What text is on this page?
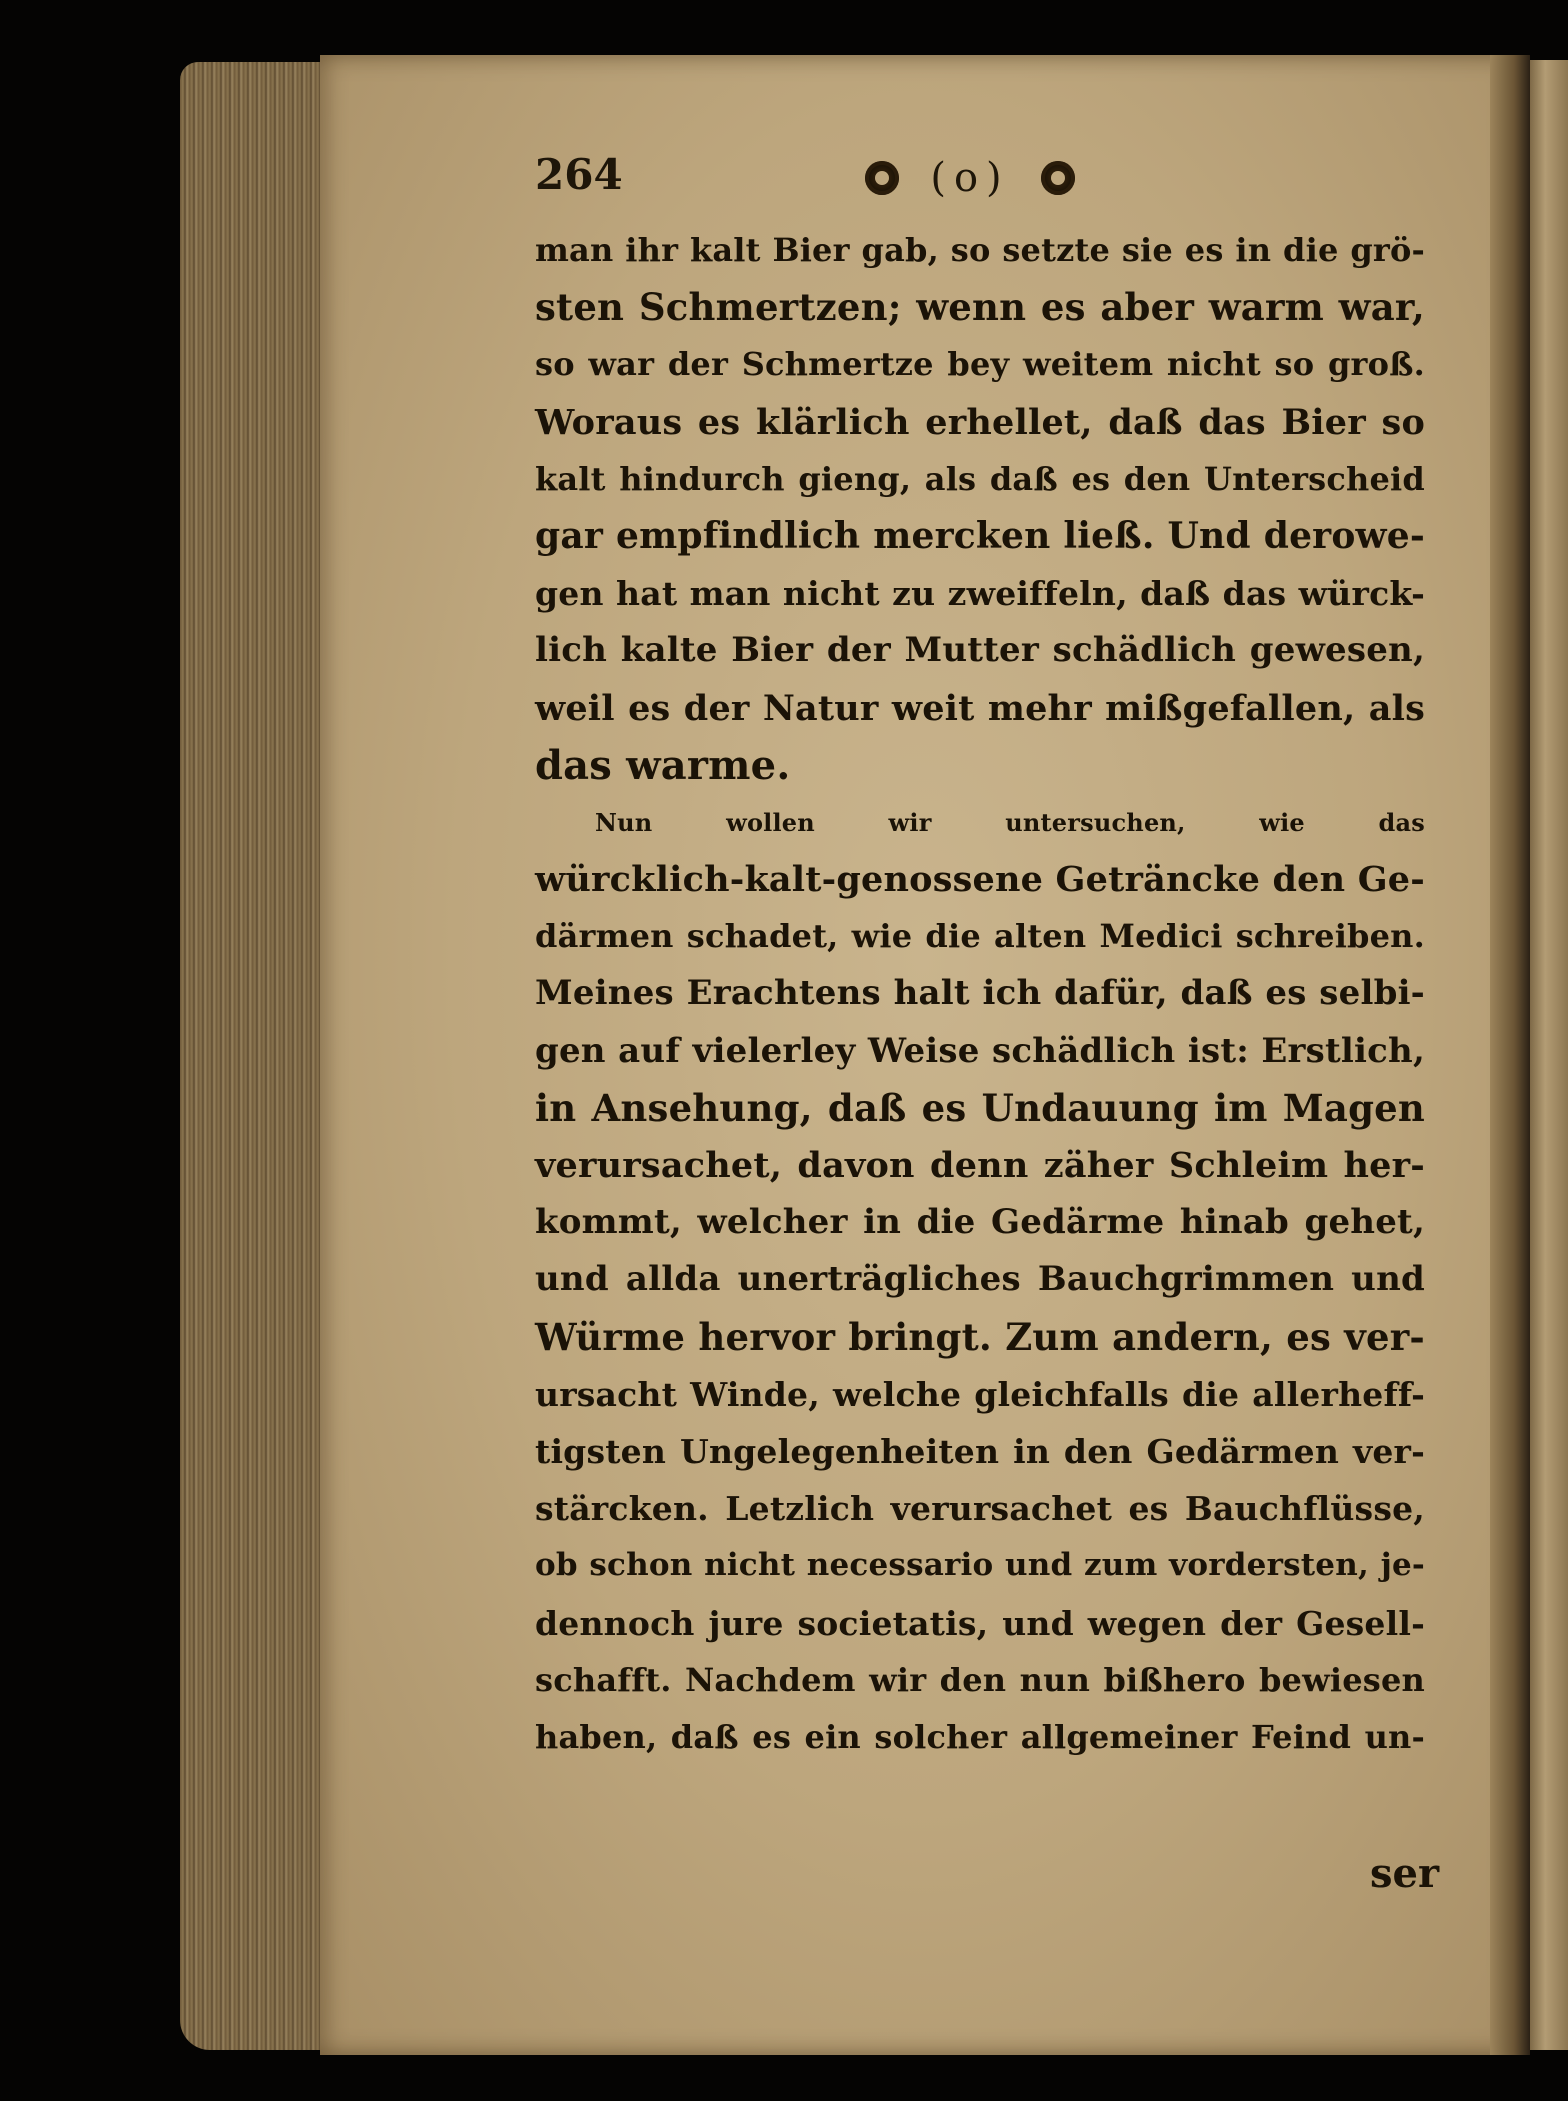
264	(o)
man ihr kalt Bier gab, so setzte sie es in die grö-
sten Schmertzen; wenn es aber warm war,
so war der Schmertze bey weitem nicht so groß.
Woraus es klärlich erhellet, daß das Bier so
kalt hindurch gieng, als daß es den Unterscheid
gar empfindlich mercken ließ. Und derowe-
gen hat man nicht zu zweiffeln, daß das würck-
lich kalte Bier der Mutter schädlich gewesen,
weil es der Natur weit mehr mißgefallen, als
das warme.
Nun wollen wir untersuchen, wie das
würcklich-kalt-genossene Geträncke den Ge-
därmen schadet, wie die alten Medici schreiben.
Meines Erachtens halt ich dafür, daß es selbi-
gen auf vielerley Weise schädlich ist: Erstlich,
in Ansehung, daß es Undauung im Magen
verursachet, davon denn zäher Schleim her-
kommt, welcher in die Gedärme hinab gehet,
und allda unerträgliches Bauchgrimmen und
Würme hervor bringt. Zum andern, es ver-
ursacht Winde, welche gleichfalls die allerheff-
tigsten Ungelegenheiten in den Gedärmen ver-
stärcken. Letzlich verursachet es Bauchflüsse,
ob schon nicht necessario und zum vordersten, je-
dennoch jure societatis, und wegen der Gesell-
schafft. Nachdem wir den nun bißhero bewiesen
haben, daß es ein solcher allgemeiner Feind un-
ser
